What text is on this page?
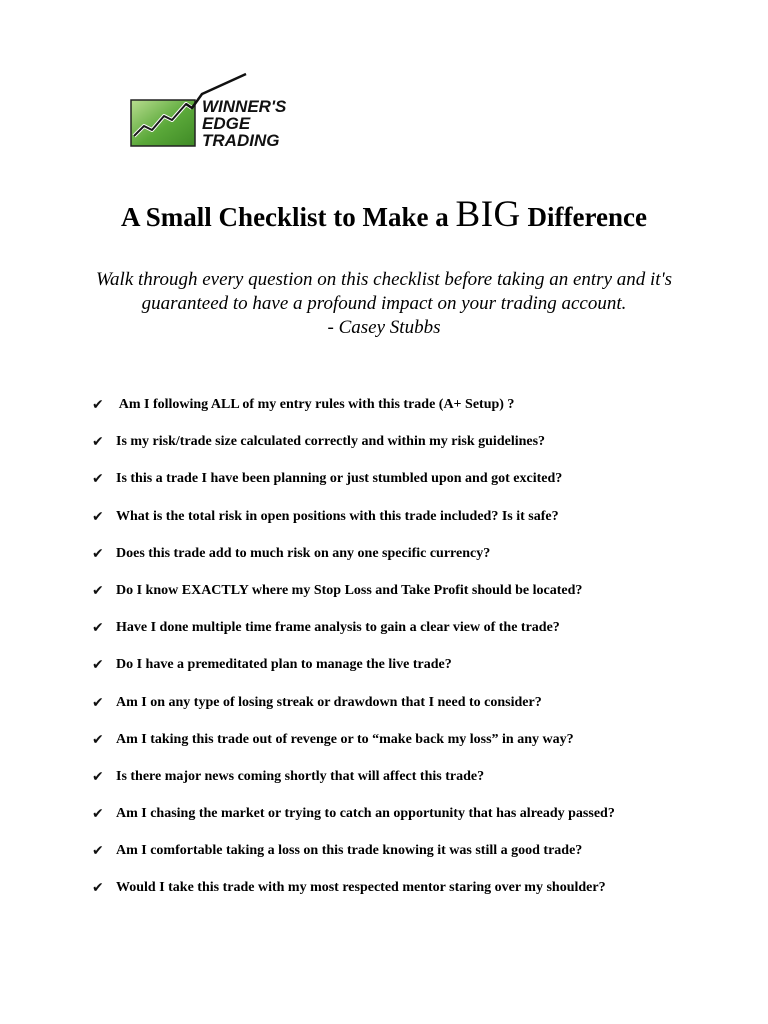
WINNER'S
EDGE
TRADING
A Small Checklist to Make a BIG Difference
Walk through every question on this checklist before taking an entry and it's
guaranteed to have a profound impact on your trading account.
- Casey Stubbs
✔ Am I following ALL of my entry rules with this trade (A+ Setup) ?
✔ Is my risk/trade size calculated correctly and within my risk guidelines?
✔ Is this a trade I have been planning or just stumbled upon and got excited?
✔ What is the total risk in open positions with this trade included? Is it safe?
✔ Does this trade add to much risk on any one specific currency?
✔ Do I know EXACTLY where my Stop Loss and Take Profit should be located?
✔ Have I done multiple time frame analysis to gain a clear view of the trade?
✔ Do I have a premeditated plan to manage the live trade?
✔ Am I on any type of losing streak or drawdown that I need to consider?
✔ Am I taking this trade out of revenge or to “make back my loss” in any way?
✔ Is there major news coming shortly that will affect this trade?
✔ Am I chasing the market or trying to catch an opportunity that has already passed?
✔ Am I comfortable taking a loss on this trade knowing it was still a good trade?
✔ Would I take this trade with my most respected mentor staring over my shoulder?
